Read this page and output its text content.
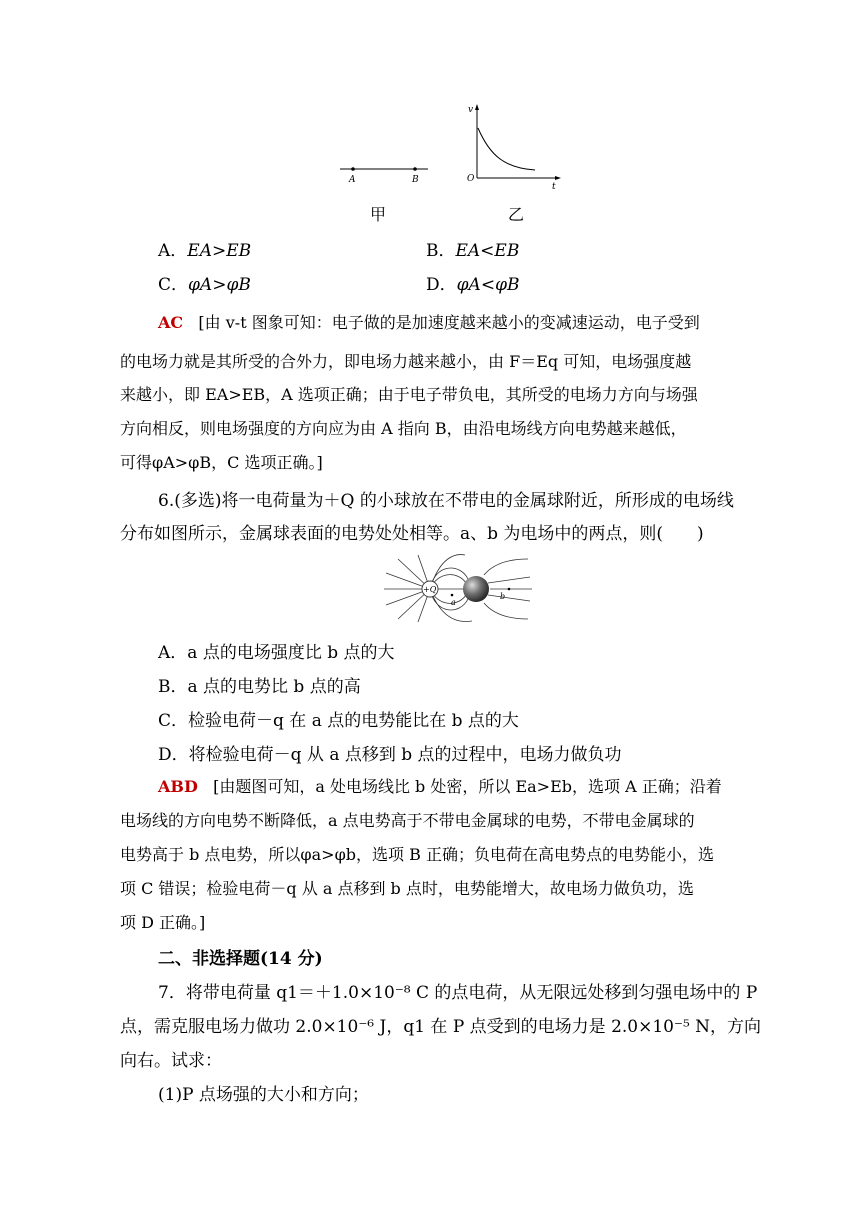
A	B
v
t
O
甲	乙
A．EA>EB	B．EA<EB
C．φA>φB	D．φA<φB
AC [由 v-t 图象可知：电子做的是加速度越来越小的变减速运动，电子受到
的电场力就是其所受的合外力，即电场力越来越小，由 F＝Eq 可知，电场强度越
来越小，即 EA>EB，A 选项正确；由于电子带负电，其所受的电场力方向与场强
方向相反，则电场强度的方向应为由 A 指向 B，由沿电场线方向电势越来越低，
可得φA>φB，C 选项正确。]
6.(多选)将一电荷量为＋Q 的小球放在不带电的金属球附近，所形成的电场线
分布如图所示，金属球表面的电势处处相等。a、b 为电场中的两点，则(　　)
+Q
a
b
A．a 点的电场强度比 b 点的大
B．a 点的电势比 b 点的高
C．检验电荷－q 在 a 点的电势能比在 b 点的大
D．将检验电荷－q 从 a 点移到 b 点的过程中，电场力做负功
ABD [由题图可知，a 处电场线比 b 处密，所以 Ea>Eb，选项 A 正确；沿着
电场线的方向电势不断降低，a 点电势高于不带电金属球的电势，不带电金属球的
电势高于 b 点电势，所以φa>φb，选项 B 正确；负电荷在高电势点的电势能小，选
项 C 错误；检验电荷－q 从 a 点移到 b 点时，电势能增大，故电场力做负功，选
项 D 正确。]
二、非选择题(14 分)
7．将带电荷量 q1＝＋1.0×10⁻⁸ C 的点电荷，从无限远处移到匀强电场中的 P
点，需克服电场力做功 2.0×10⁻⁶ J，q1 在 P 点受到的电场力是 2.0×10⁻⁵ N，方向
向右。试求：
(1)P 点场强的大小和方向；
